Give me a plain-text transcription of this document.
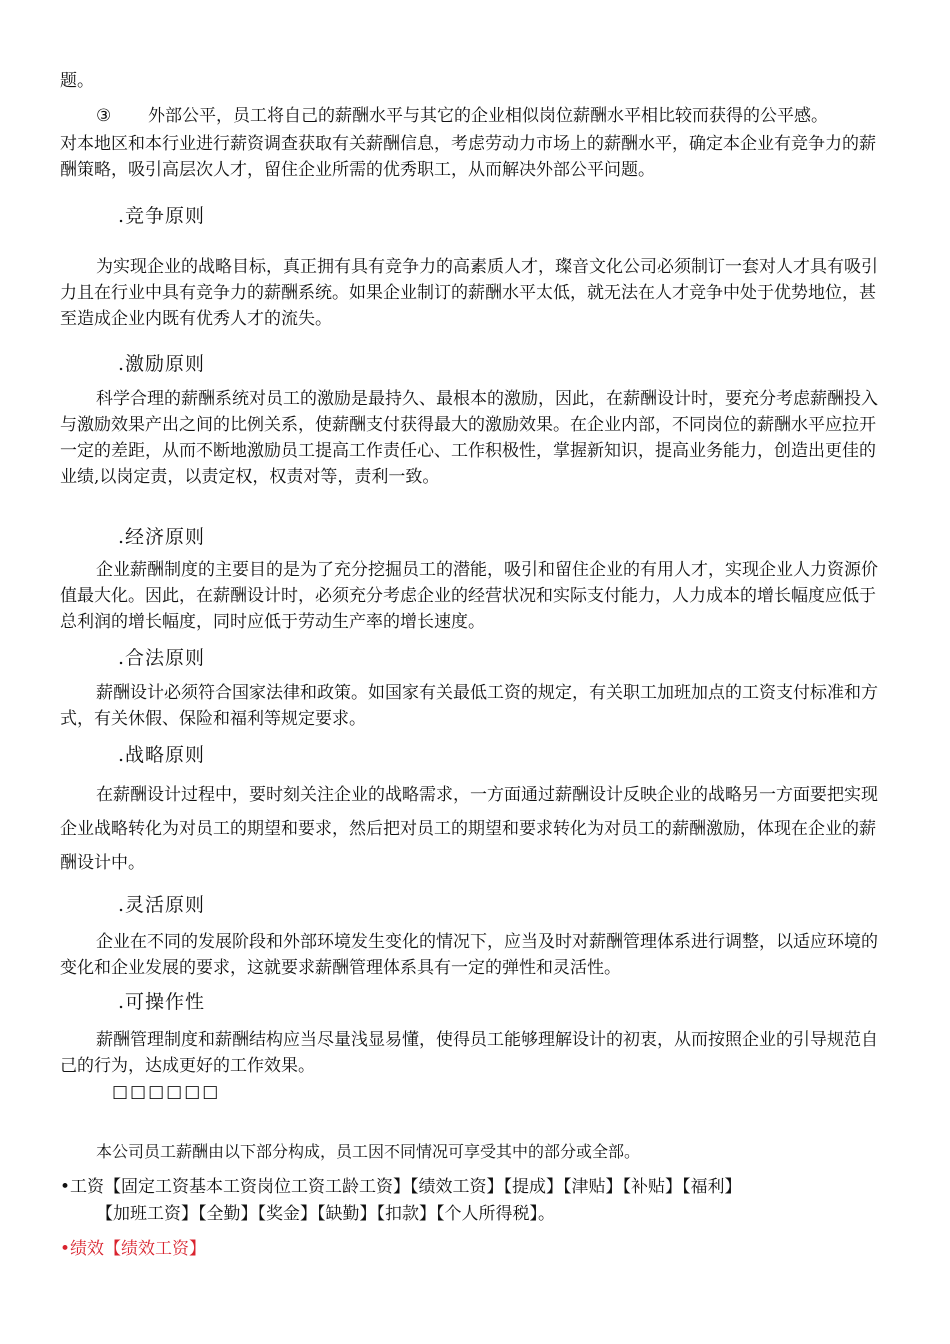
题。
③ 外部公平，员工将自己的薪酬水平与其它的企业相似岗位薪酬水平相比较而获得的公平感。
对本地区和本行业进行薪资调查获取有关薪酬信息，考虑劳动力市场上的薪酬水平，确定本企业有竞争力的薪酬策略，吸引高层次人才，留住企业所需的优秀职工，从而解决外部公平问题。
.竞争原则
为实现企业的战略目标，真正拥有具有竞争力的高素质人才，璨音文化公司必须制订一套对人才具有吸引力且在行业中具有竞争力的薪酬系统。如果企业制订的薪酬水平太低，就无法在人才竞争中处于优势地位，甚至造成企业内既有优秀人才的流失。
.激励原则
科学合理的薪酬系统对员工的激励是最持久、最根本的激励，因此，在薪酬设计时，要充分考虑薪酬投入与激励效果产出之间的比例关系，使薪酬支付获得最大的激励效果。在企业内部，不同岗位的薪酬水平应拉开一定的差距，从而不断地激励员工提高工作责任心、工作积极性，掌握新知识，提高业务能力，创造出更佳的业绩,以岗定责，以责定权，权责对等，责利一致。
.经济原则
企业薪酬制度的主要目的是为了充分挖掘员工的潜能，吸引和留住企业的有用人才，实现企业人力资源价值最大化。因此，在薪酬设计时，必须充分考虑企业的经营状况和实际支付能力，人力成本的增长幅度应低于总利润的增长幅度，同时应低于劳动生产率的增长速度。
.合法原则
薪酬设计必须符合国家法律和政策。如国家有关最低工资的规定，有关职工加班加点的工资支付标准和方式，有关休假、保险和福利等规定要求。
.战略原则
在薪酬设计过程中，要时刻关注企业的战略需求，一方面通过薪酬设计反映企业的战略另一方面要把实现企业战略转化为对员工的期望和要求，然后把对员工的期望和要求转化为对员工的薪酬激励，体现在企业的薪酬设计中。
.灵活原则
企业在不同的发展阶段和外部环境发生变化的情况下，应当及时对薪酬管理体系进行调整，以适应环境的变化和企业发展的要求，这就要求薪酬管理体系具有一定的弹性和灵活性。
.可操作性
薪酬管理制度和薪酬结构应当尽量浅显易懂，使得员工能够理解设计的初衷，从而按照企业的引导规范自己的行为，达成更好的工作效果。
□□□□□□
本公司员工薪酬由以下部分构成，员工因不同情况可享受其中的部分或全部。
•工资【固定工资基本工资岗位工资工龄工资】【绩效工资】【提成】【津贴】【补贴】【福利】
【加班工资】【全勤】【奖金】【缺勤】【扣款】【个人所得税】。
•绩效【绩效工资】
